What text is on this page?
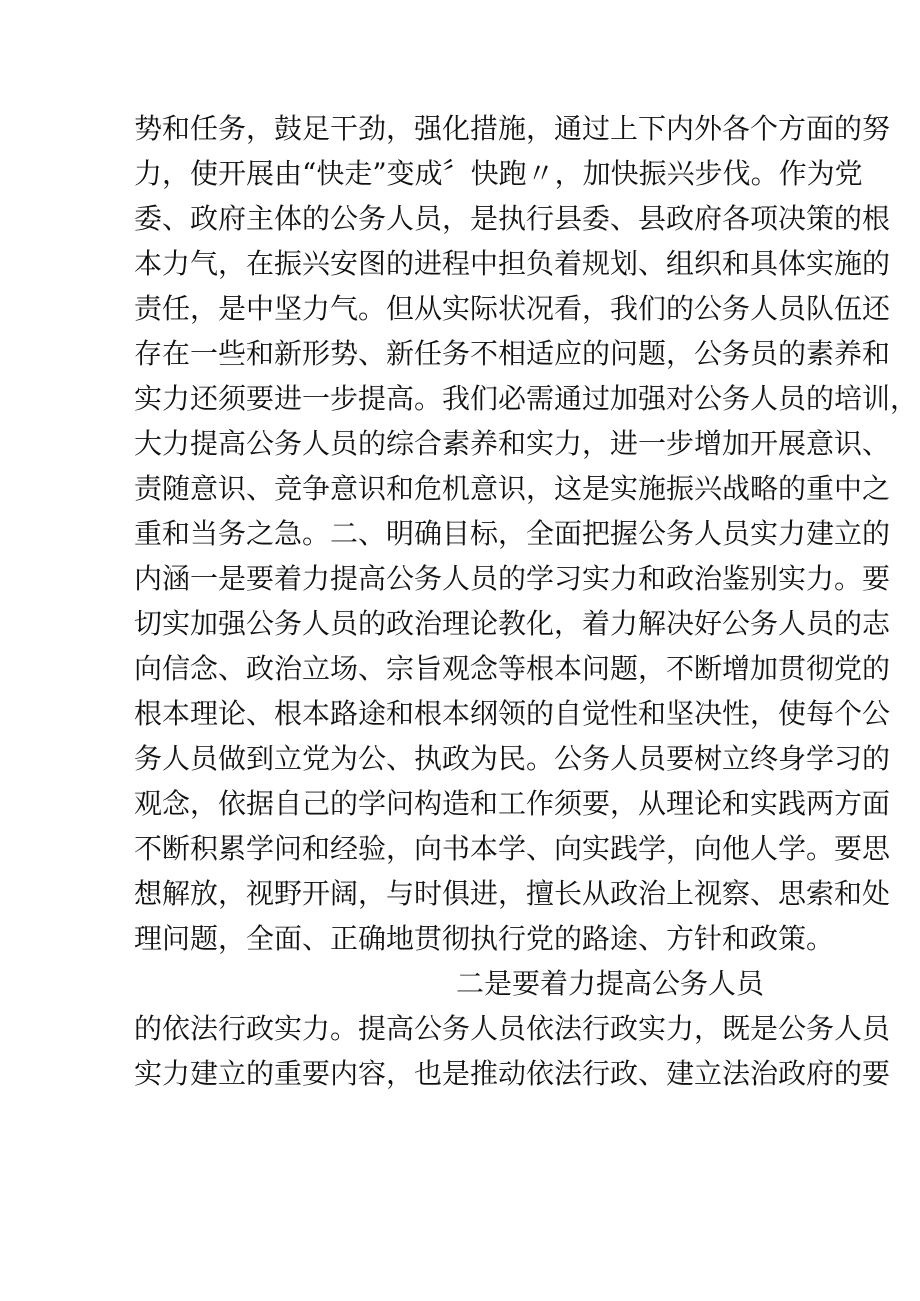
势和任务，鼓足干劲，强化措施，通过上下内外各个方面的努
力，使开展由“快走”变成〞快跑〃，加快振兴步伐。作为党
委、政府主体的公务人员，是执行县委、县政府各项决策的根
本力气，在振兴安图的进程中担负着规划、组织和具体实施的
责任，是中坚力气。但从实际状况看，我们的公务人员队伍还
存在一些和新形势、新任务不相适应的问题，公务员的素养和
实力还须要进一步提高。我们必需通过加强对公务人员的培训，
大力提高公务人员的综合素养和实力，进一步增加开展意识、
责随意识、竞争意识和危机意识，这是实施振兴战略的重中之
重和当务之急。二、明确目标，全面把握公务人员实力建立的
内涵一是要着力提高公务人员的学习实力和政治鉴别实力。要
切实加强公务人员的政治理论教化，着力解决好公务人员的志
向信念、政治立场、宗旨观念等根本问题，不断增加贯彻党的
根本理论、根本路途和根本纲领的自觉性和坚决性，使每个公
务人员做到立党为公、执政为民。公务人员要树立终身学习的
观念，依据自己的学问构造和工作须要，从理论和实践两方面
不断积累学问和经验，向书本学、向实践学，向他人学。要思
想解放，视野开阔，与时俱进，擅长从政治上视察、思索和处
理问题，全面、正确地贯彻执行党的路途、方针和政策。
二是要着力提高公务人员
的依法行政实力。提高公务人员依法行政实力，既是公务人员
实力建立的重要内容，也是推动依法行政、建立法治政府的要
